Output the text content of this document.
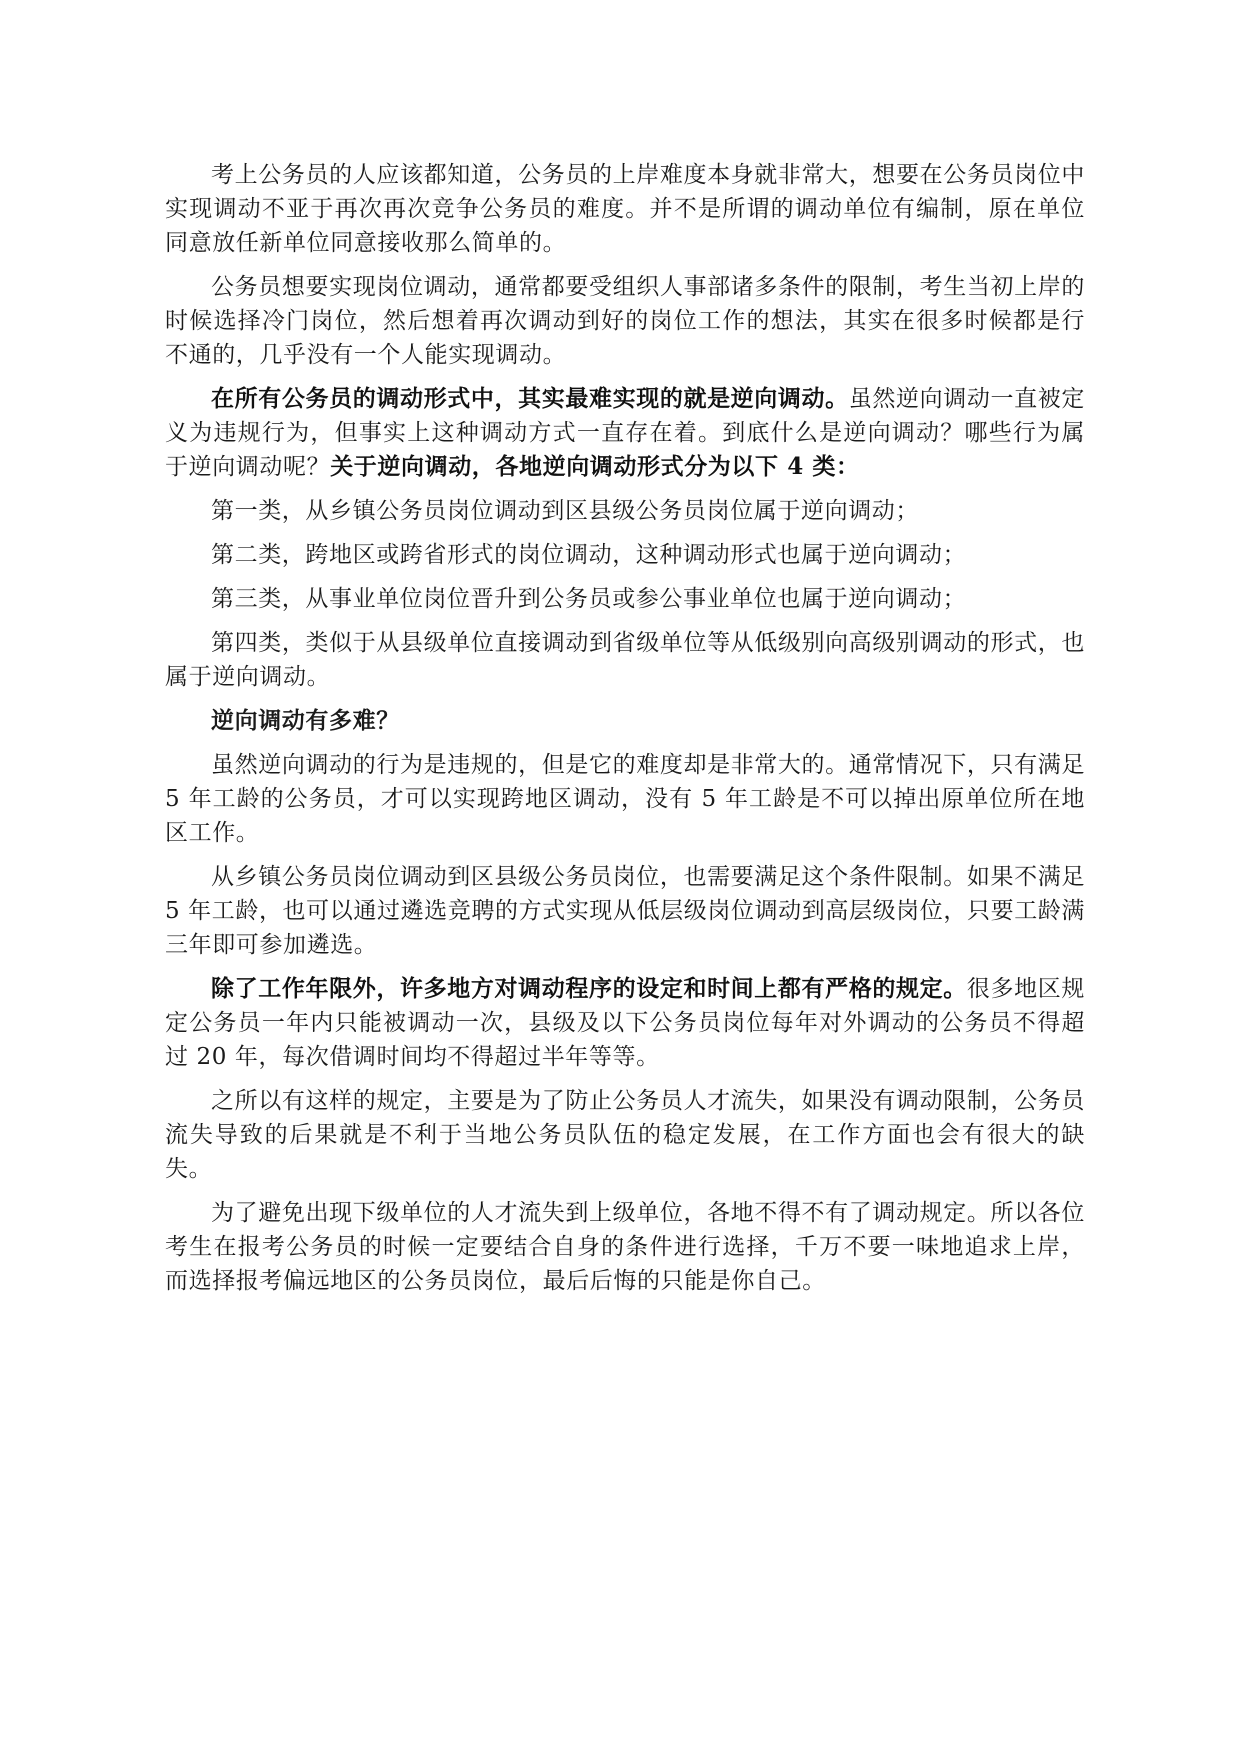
考上公务员的人应该都知道，公务员的上岸难度本身就非常大，想要在公务员岗位中实现调动不亚于再次再次竞争公务员的难度。并不是所谓的调动单位有编制，原在单位同意放任新单位同意接收那么简单的。

公务员想要实现岗位调动，通常都要受组织人事部诸多条件的限制，考生当初上岸的时候选择冷门岗位，然后想着再次调动到好的岗位工作的想法，其实在很多时候都是行不通的，几乎没有一个人能实现调动。

在所有公务员的调动形式中，其实最难实现的就是逆向调动。虽然逆向调动一直被定义为违规行为，但事实上这种调动方式一直存在着。到底什么是逆向调动？哪些行为属于逆向调动呢？关于逆向调动，各地逆向调动形式分为以下 4 类：

第一类，从乡镇公务员岗位调动到区县级公务员岗位属于逆向调动；

第二类，跨地区或跨省形式的岗位调动，这种调动形式也属于逆向调动；

第三类，从事业单位岗位晋升到公务员或参公事业单位也属于逆向调动；

第四类，类似于从县级单位直接调动到省级单位等从低级别向高级别调动的形式，也属于逆向调动。

逆向调动有多难？

虽然逆向调动的行为是违规的，但是它的难度却是非常大的。通常情况下，只有满足 5 年工龄的公务员，才可以实现跨地区调动，没有 5 年工龄是不可以掉出原单位所在地区工作。

从乡镇公务员岗位调动到区县级公务员岗位，也需要满足这个条件限制。如果不满足 5 年工龄，也可以通过遴选竞聘的方式实现从低层级岗位调动到高层级岗位，只要工龄满三年即可参加遴选。

除了工作年限外，许多地方对调动程序的设定和时间上都有严格的规定。很多地区规定公务员一年内只能被调动一次，县级及以下公务员岗位每年对外调动的公务员不得超过 20 年，每次借调时间均不得超过半年等等。

之所以有这样的规定，主要是为了防止公务员人才流失，如果没有调动限制，公务员流失导致的后果就是不利于当地公务员队伍的稳定发展，在工作方面也会有很大的缺失。

为了避免出现下级单位的人才流失到上级单位，各地不得不有了调动规定。所以各位考生在报考公务员的时候一定要结合自身的条件进行选择，千万不要一味地追求上岸，而选择报考偏远地区的公务员岗位，最后后悔的只能是你自己。
